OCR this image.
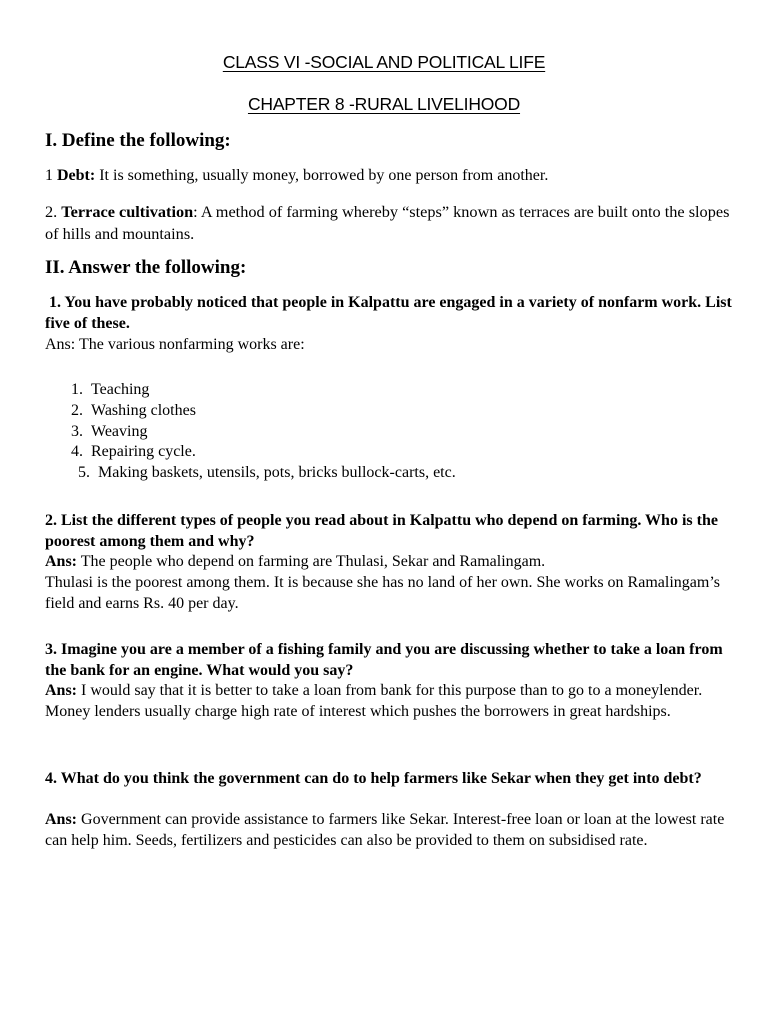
CLASS VI -SOCIAL AND POLITICAL LIFE
CHAPTER 8 -RURAL LIVELIHOOD
I. Define the following:
1 Debt: It is something, usually money, borrowed by one person from another.
2. Terrace cultivation: A method of farming whereby “steps” known as terraces are built onto the slopes of hills and mountains.
II. Answer the following:
1. You have probably noticed that people in Kalpattu are engaged in a variety of nonfarm work. List five of these.
Ans: The various nonfarming works are:
1.
Teaching
2.
Washing clothes
3.
Weaving
4.
Repairing cycle.
5.
Making baskets, utensils, pots, bricks bullock-carts, etc.
2. List the different types of people you read about in Kalpattu who depend on farming. Who is the poorest among them and why?
Ans: The people who depend on farming are Thulasi, Sekar and Ramalingam.
Thulasi is the poorest among them. It is because she has no land of her own. She works on Ramalingam’s field and earns Rs. 40 per day.
3. Imagine you are a member of a fishing family and you are discussing whether to take a loan from the bank for an engine. What would you say?
Ans: I would say that it is better to take a loan from bank for this purpose than to go to a moneylender. Money lenders usually charge high rate of interest which pushes the borrowers in great hardships.
4. What do you think the government can do to help farmers like Sekar when they get into debt?
Ans: Government can provide assistance to farmers like Sekar. Interest-free loan or loan at the lowest rate can help him. Seeds, fertilizers and pesticides can also be provided to them on subsidised rate.
